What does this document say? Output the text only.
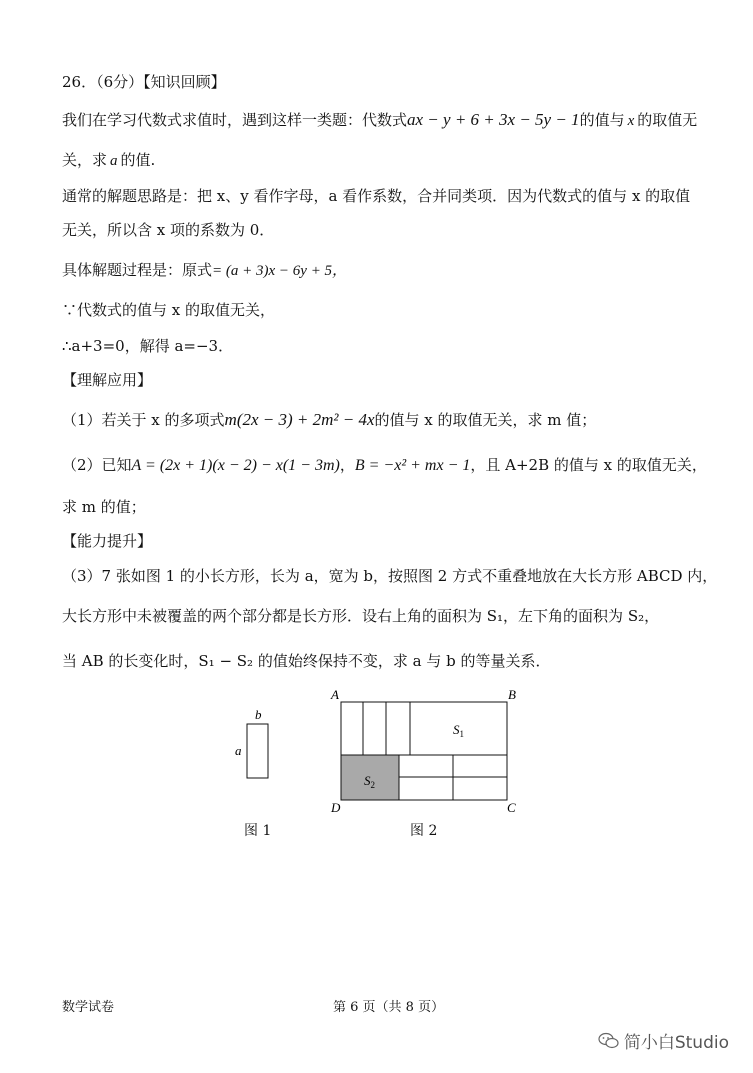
26．（6分）【知识回顾】
我们在学习代数式求值时，遇到这样一类题：代数式ax − y + 6 + 3x − 5y − 1的值与 x 的取值无
关，求 a 的值.
通常的解题思路是：把 x、y 看作字母，a 看作系数，合并同类项．因为代数式的值与 x 的取值
无关，所以含 x 项的系数为 0．
具体解题过程是：原式= (a + 3)x − 6y + 5，
∵代数式的值与 x 的取值无关，
∴a+3=0，解得 a=−3．
【理解应用】
（1）若关于 x 的多项式m(2x − 3) + 2m² − 4x的值与 x 的取值无关，求 m 值；
（2）已知A = (2x + 1)(x − 2) − x(1 − 3m)，B = −x² + mx − 1，且 A+2B 的值与 x 的取值无关，
求 m 的值；
【能力提升】
（3）7 张如图 1 的小长方形，长为 a，宽为 b，按照图 2 方式不重叠地放在大长方形 ABCD 内，
大长方形中未被覆盖的两个部分都是长方形．设右上角的面积为 S₁，左下角的面积为 S₂，
当 AB 的长变化时，S₁ − S₂ 的值始终保持不变，求 a 与 b 的等量关系．
b
a
图 1
A	B
C
D
$S_1$
$S_2$
图 2
数学试卷	第 6 页（共 8 页）
简小白Studio
